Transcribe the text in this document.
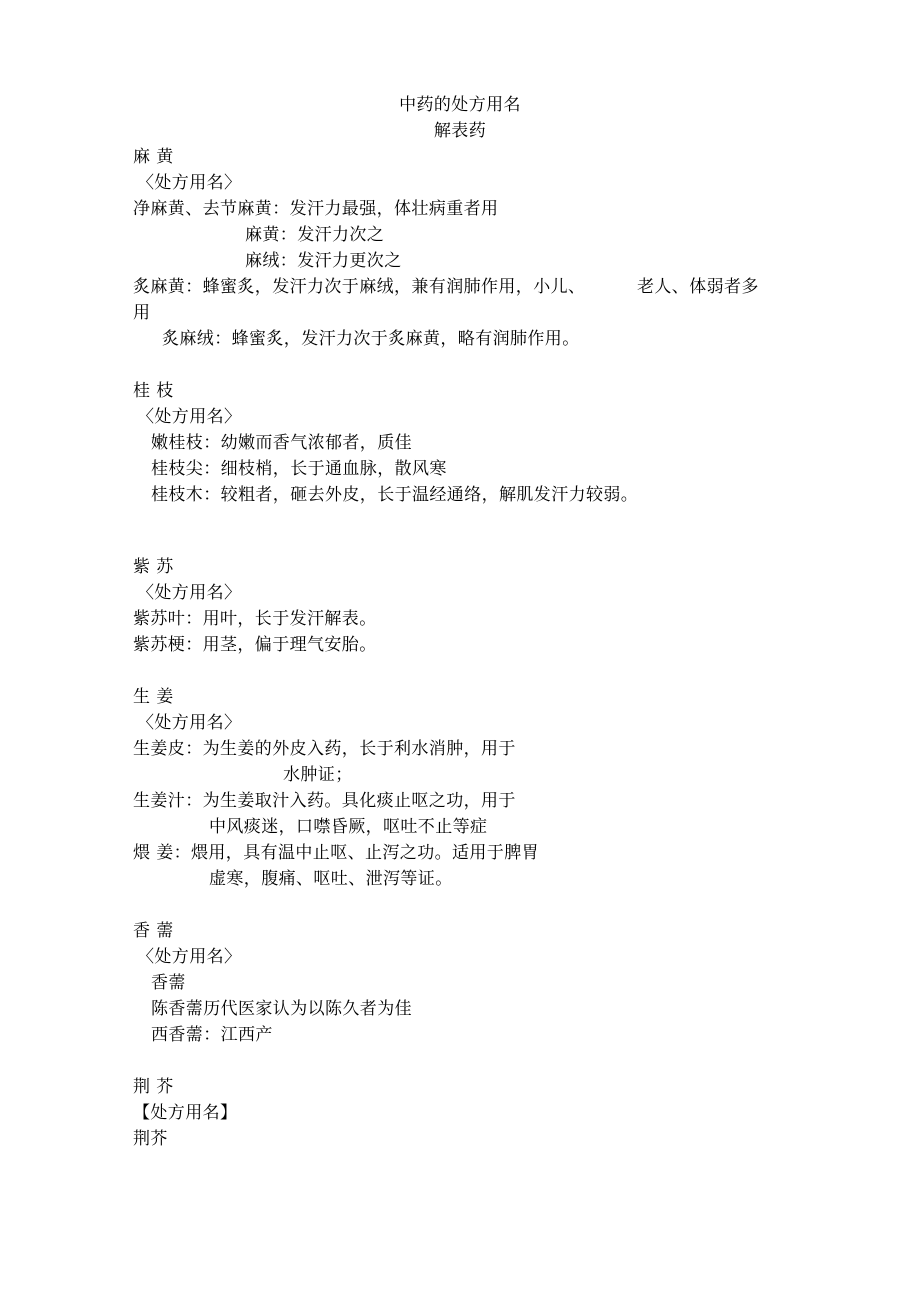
中药的处方用名
解表药
麻 黄
〈处方用名〉
净麻黄、去节麻黄：发汗力最强，体壮病重者用
麻黄：发汗力次之
麻绒：发汗力更次之
炙麻黄：蜂蜜炙，发汗力次于麻绒，兼有润肺作用，小儿、	老人、体弱者多
用
炙麻绒：蜂蜜炙，发汗力次于炙麻黄，略有润肺作用。
桂 枝
〈处方用名〉
嫩桂枝：幼嫩而香气浓郁者，质佳
桂枝尖：细枝梢，长于通血脉，散风寒
桂枝木：较粗者，砸去外皮，长于温经通络，解肌发汗力较弱。
紫 苏
〈处方用名〉
紫苏叶：用叶，长于发汗解表。
紫苏梗：用茎，偏于理气安胎。
生 姜
〈处方用名〉
生姜皮：为生姜的外皮入药，长于利水消肿，用于
水肿证；
生姜汁：为生姜取汁入药。具化痰止呕之功，用于
中风痰迷，口噤昏厥，呕吐不止等症
煨 姜：煨用，具有温中止呕、止泻之功。适用于脾胃
虚寒，腹痛、呕吐、泄泻等证。
香 薷
〈处方用名〉
香薷
陈香薷历代医家认为以陈久者为佳
西香薷：江西产
荆 芥
【处方用名】
荆芥
